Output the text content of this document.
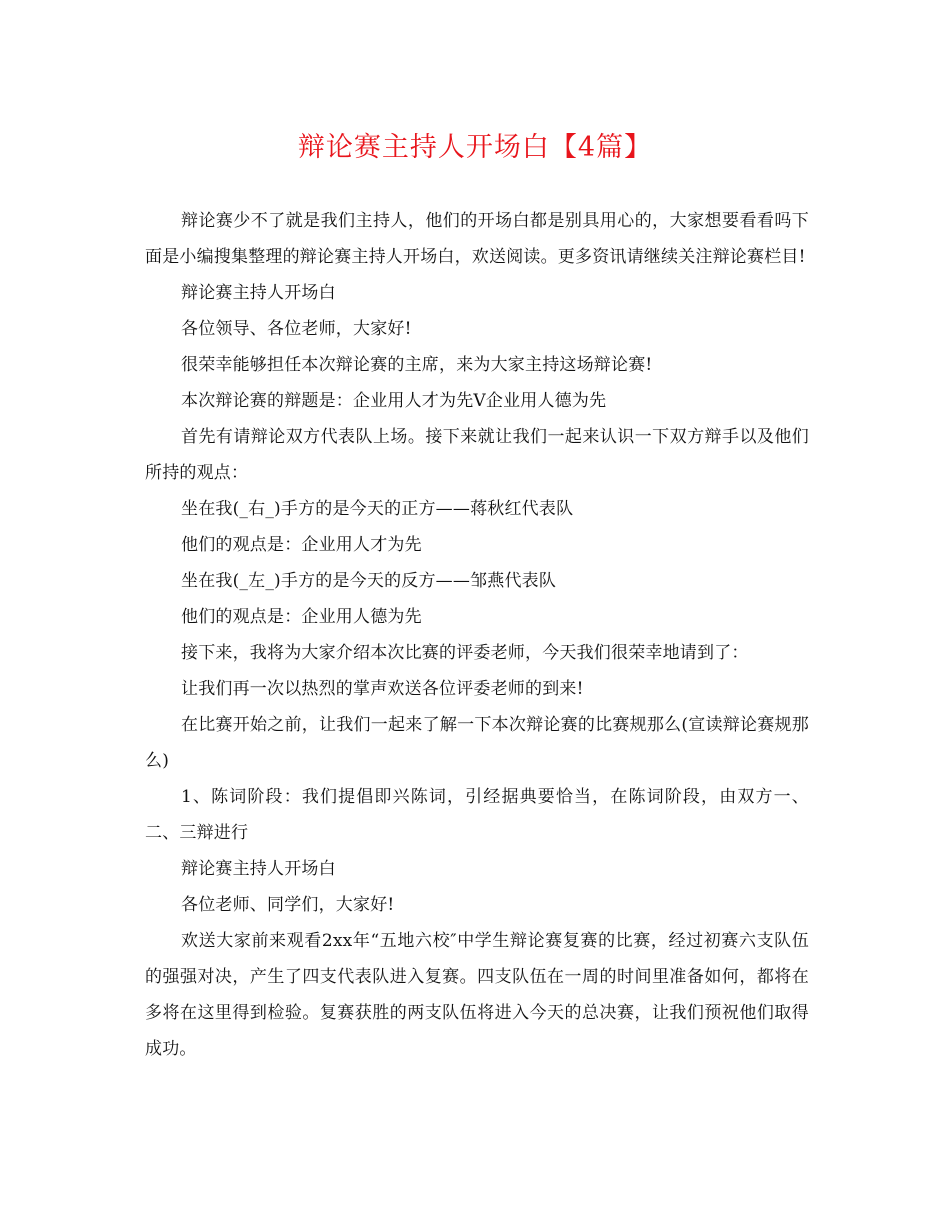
辩论赛主持人开场白【4篇】

辩论赛少不了就是我们主持人，他们的开场白都是别具用心的，大家想要看看吗下面是小编搜集整理的辩论赛主持人开场白，欢送阅读。更多资讯请继续关注辩论赛栏目!

辩论赛主持人开场白

各位领导、各位老师，大家好!

很荣幸能够担任本次辩论赛的主席，来为大家主持这场辩论赛!

本次辩论赛的辩题是：企业用人才为先V企业用人德为先

首先有请辩论双方代表队上场。接下来就让我们一起来认识一下双方辩手以及他们所持的观点：

坐在我(_右_)手方的是今天的正方——蒋秋红代表队

他们的观点是：企业用人才为先

坐在我(_左_)手方的是今天的反方——邹燕代表队

他们的观点是：企业用人德为先

接下来，我将为大家介绍本次比赛的评委老师，今天我们很荣幸地请到了：

让我们再一次以热烈的掌声欢送各位评委老师的到来!

在比赛开始之前，让我们一起来了解一下本次辩论赛的比赛规那么(宣读辩论赛规那么)

1、陈词阶段：我们提倡即兴陈词，引经据典要恰当，在陈词阶段，由双方一、二、三辩进行

辩论赛主持人开场白

各位老师、同学们，大家好!

欢送大家前来观看2xx年“五地六校″中学生辩论赛复赛的比赛，经过初赛六支队伍的强强对决，产生了四支代表队进入复赛。四支队伍在一周的时间里准备如何，都将在多将在这里得到检验。复赛获胜的两支队伍将进入今天的总决赛，让我们预祝他们取得成功。
